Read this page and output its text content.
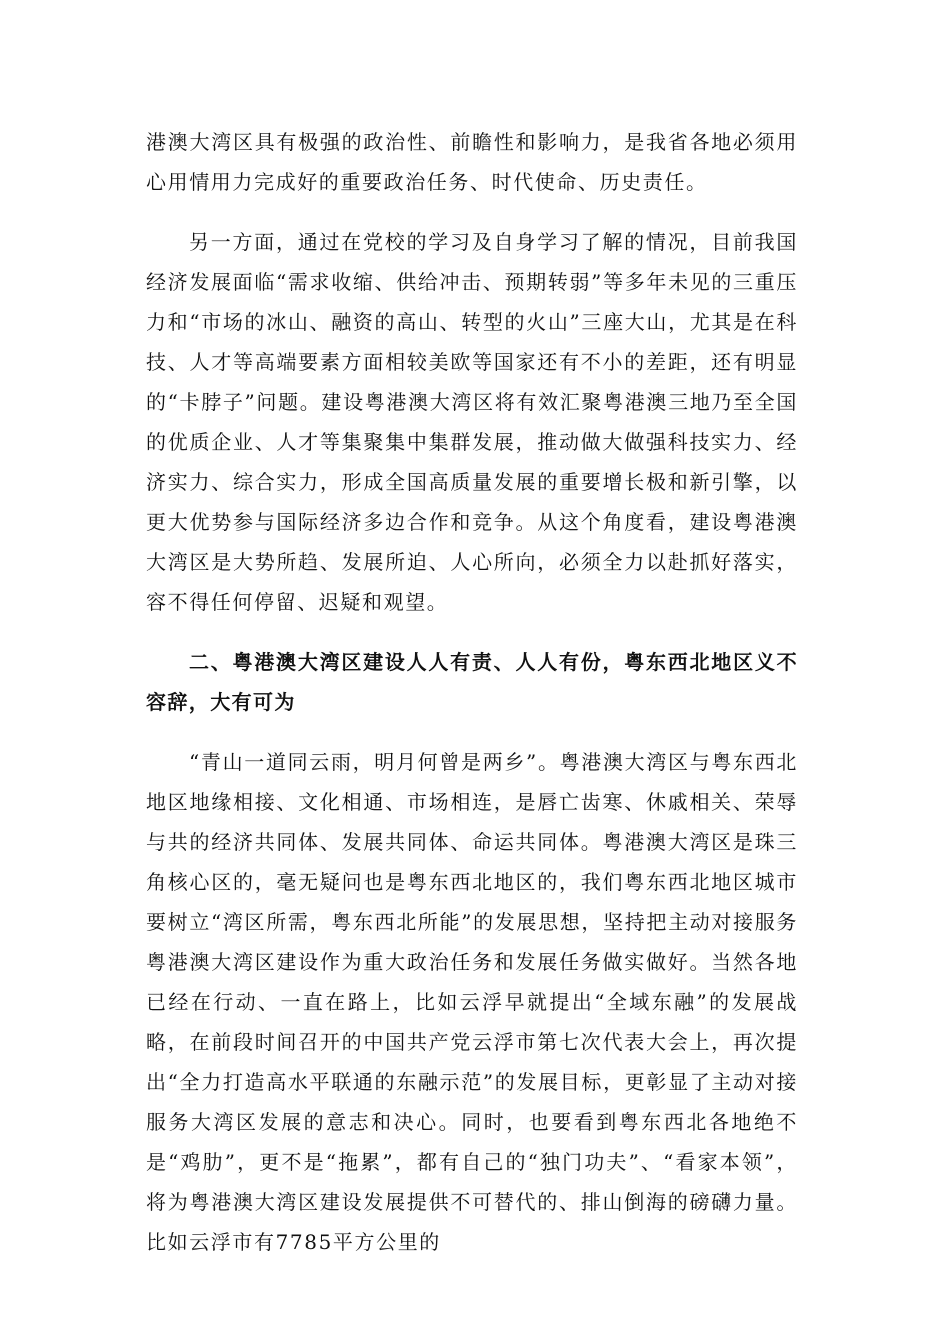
港澳大湾区具有极强的政治性、前瞻性和影响力，是我省各地必须用心用情用力完成好的重要政治任务、时代使命、历史责任。

另一方面，通过在党校的学习及自身学习了解的情况，目前我国经济发展面临“需求收缩、供给冲击、预期转弱”等多年未见的三重压力和“市场的冰山、融资的高山、转型的火山”三座大山，尤其是在科技、人才等高端要素方面相较美欧等国家还有不小的差距，还有明显的“卡脖子”问题。建设粤港澳大湾区将有效汇聚粤港澳三地乃至全国的优质企业、人才等集聚集中集群发展，推动做大做强科技实力、经济实力、综合实力，形成全国高质量发展的重要增长极和新引擎，以更大优势参与国际经济多边合作和竞争。从这个角度看，建设粤港澳大湾区是大势所趋、发展所迫、人心所向，必须全力以赴抓好落实，容不得任何停留、迟疑和观望。

二、粤港澳大湾区建设人人有责、人人有份，粤东西北地区义不容辞，大有可为

“青山一道同云雨，明月何曾是两乡”。粤港澳大湾区与粤东西北地区地缘相接、文化相通、市场相连，是唇亡齿寒、休戚相关、荣辱与共的经济共同体、发展共同体、命运共同体。粤港澳大湾区是珠三角核心区的，毫无疑问也是粤东西北地区的，我们粤东西北地区城市要树立“湾区所需，粤东西北所能”的发展思想，坚持把主动对接服务粤港澳大湾区建设作为重大政治任务和发展任务做实做好。当然各地已经在行动、一直在路上，比如云浮早就提出“全域东融”的发展战略，在前段时间召开的中国共产党云浮市第七次代表大会上，再次提出“全力打造高水平联通的东融示范”的发展目标，更彰显了主动对接服务大湾区发展的意志和决心。同时，也要看到粤东西北各地绝不是“鸡肋”，更不是“拖累”，都有自己的“独门功夫”、“看家本领”，将为粤港澳大湾区建设发展提供不可替代的、排山倒海的磅礴力量。比如云浮市有7785平方公里的
